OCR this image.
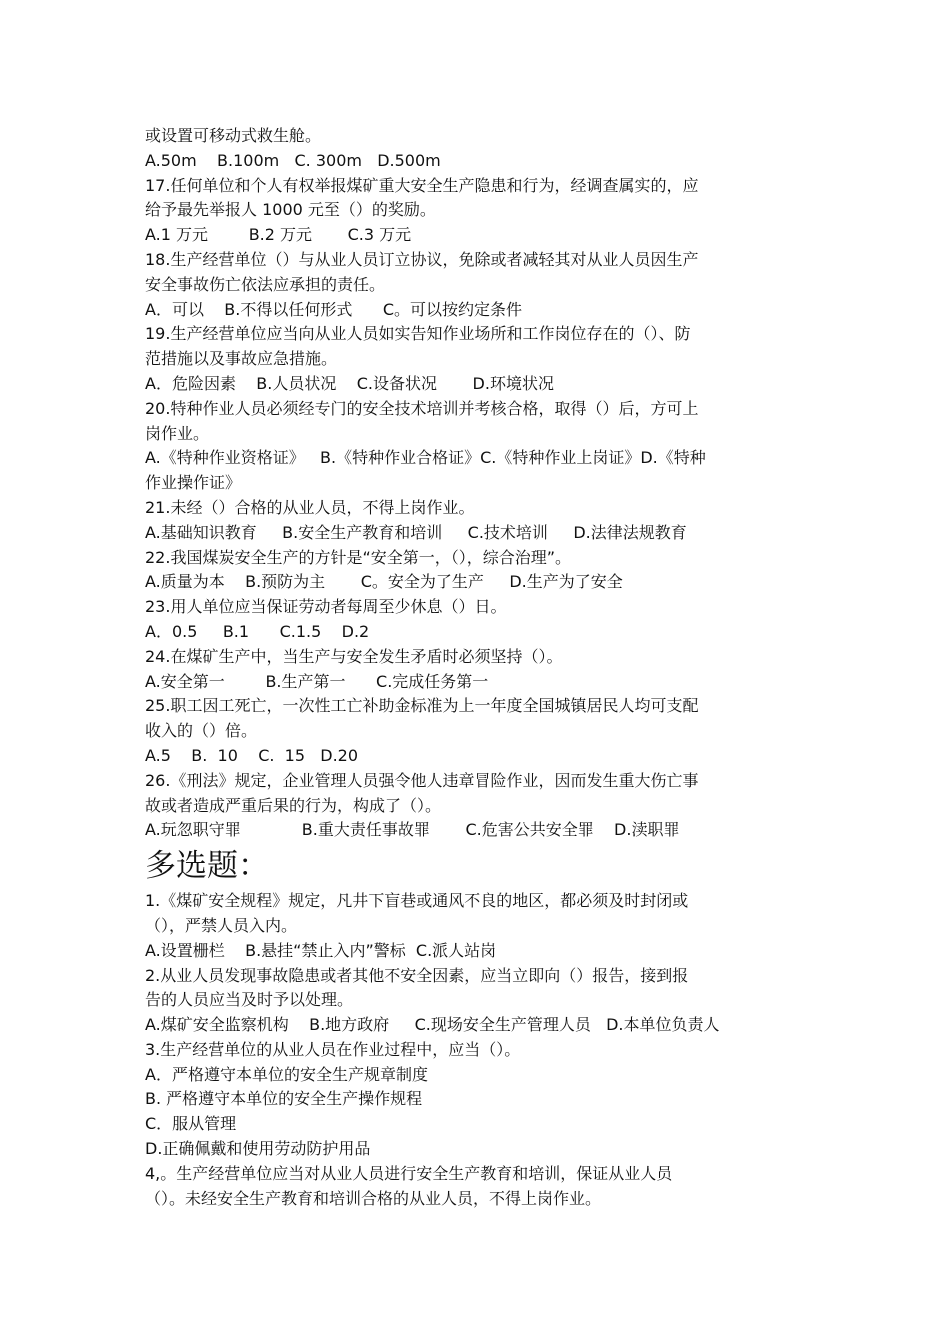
或设置可移动式救生舱。
A.50m    B.100m   C. 300m   D.500m
17.任何单位和个人有权举报煤矿重大安全生产隐患和行为，经调查属实的，应
给予最先举报人 1000 元至（）的奖励。
A.1 万元        B.2 万元       C.3 万元
18.生产经营单位（）与从业人员订立协议，免除或者减轻其对从业人员因生产
安全事故伤亡依法应承担的责任。
A．可以    B.不得以任何形式      C。可以按约定条件
19.生产经营单位应当向从业人员如实告知作业场所和工作岗位存在的（）、防
范措施以及事故应急措施。
A．危险因素    B.人员状况    C.设备状况       D.环境状况
20.特种作业人员必须经专门的安全技术培训并考核合格，取得（）后，方可上
岗作业。
A.《特种作业资格证》   B.《特种作业合格证》C.《特种作业上岗证》D.《特种
作业操作证》
21.未经（）合格的从业人员，不得上岗作业。
A.基础知识教育     B.安全生产教育和培训     C.技术培训     D.法律法规教育
22.我国煤炭安全生产的方针是“安全第一，（），综合治理”。
A.质量为本    B.预防为主       C。安全为了生产     D.生产为了安全
23.用人单位应当保证劳动者每周至少休息（）日。
A．0.5     B.1      C.1.5    D.2
24.在煤矿生产中，当生产与安全发生矛盾时必须坚持（）。
A.安全第一        B.生产第一      C.完成任务第一
25.职工因工死亡，一次性工亡补助金标准为上一年度全国城镇居民人均可支配
收入的（）倍。
A.5    B.  10    C.  15   D.20
26.《刑法》规定，企业管理人员强令他人违章冒险作业，因而发生重大伤亡事
故或者造成严重后果的行为，构成了（）。
A.玩忽职守罪            B.重大责任事故罪       C.危害公共安全罪    D.渎职罪
多选题：
1.《煤矿安全规程》规定，凡井下盲巷或通风不良的地区，都必须及时封闭或
（），严禁人员入内。
A.设置栅栏    B.悬挂“禁止入内”警标  C.派人站岗
2.从业人员发现事故隐患或者其他不安全因素，应当立即向（）报告，接到报
告的人员应当及时予以处理。
A.煤矿安全监察机构    B.地方政府     C.现场安全生产管理人员   D.本单位负责人
3.生产经营单位的从业人员在作业过程中，应当（）。
A．严格遵守本单位的安全生产规章制度
B. 严格遵守本单位的安全生产操作规程
C．服从管理
D.正确佩戴和使用劳动防护用品
4,。生产经营单位应当对从业人员进行安全生产教育和培训，保证从业人员
（）。未经安全生产教育和培训合格的从业人员，不得上岗作业。
